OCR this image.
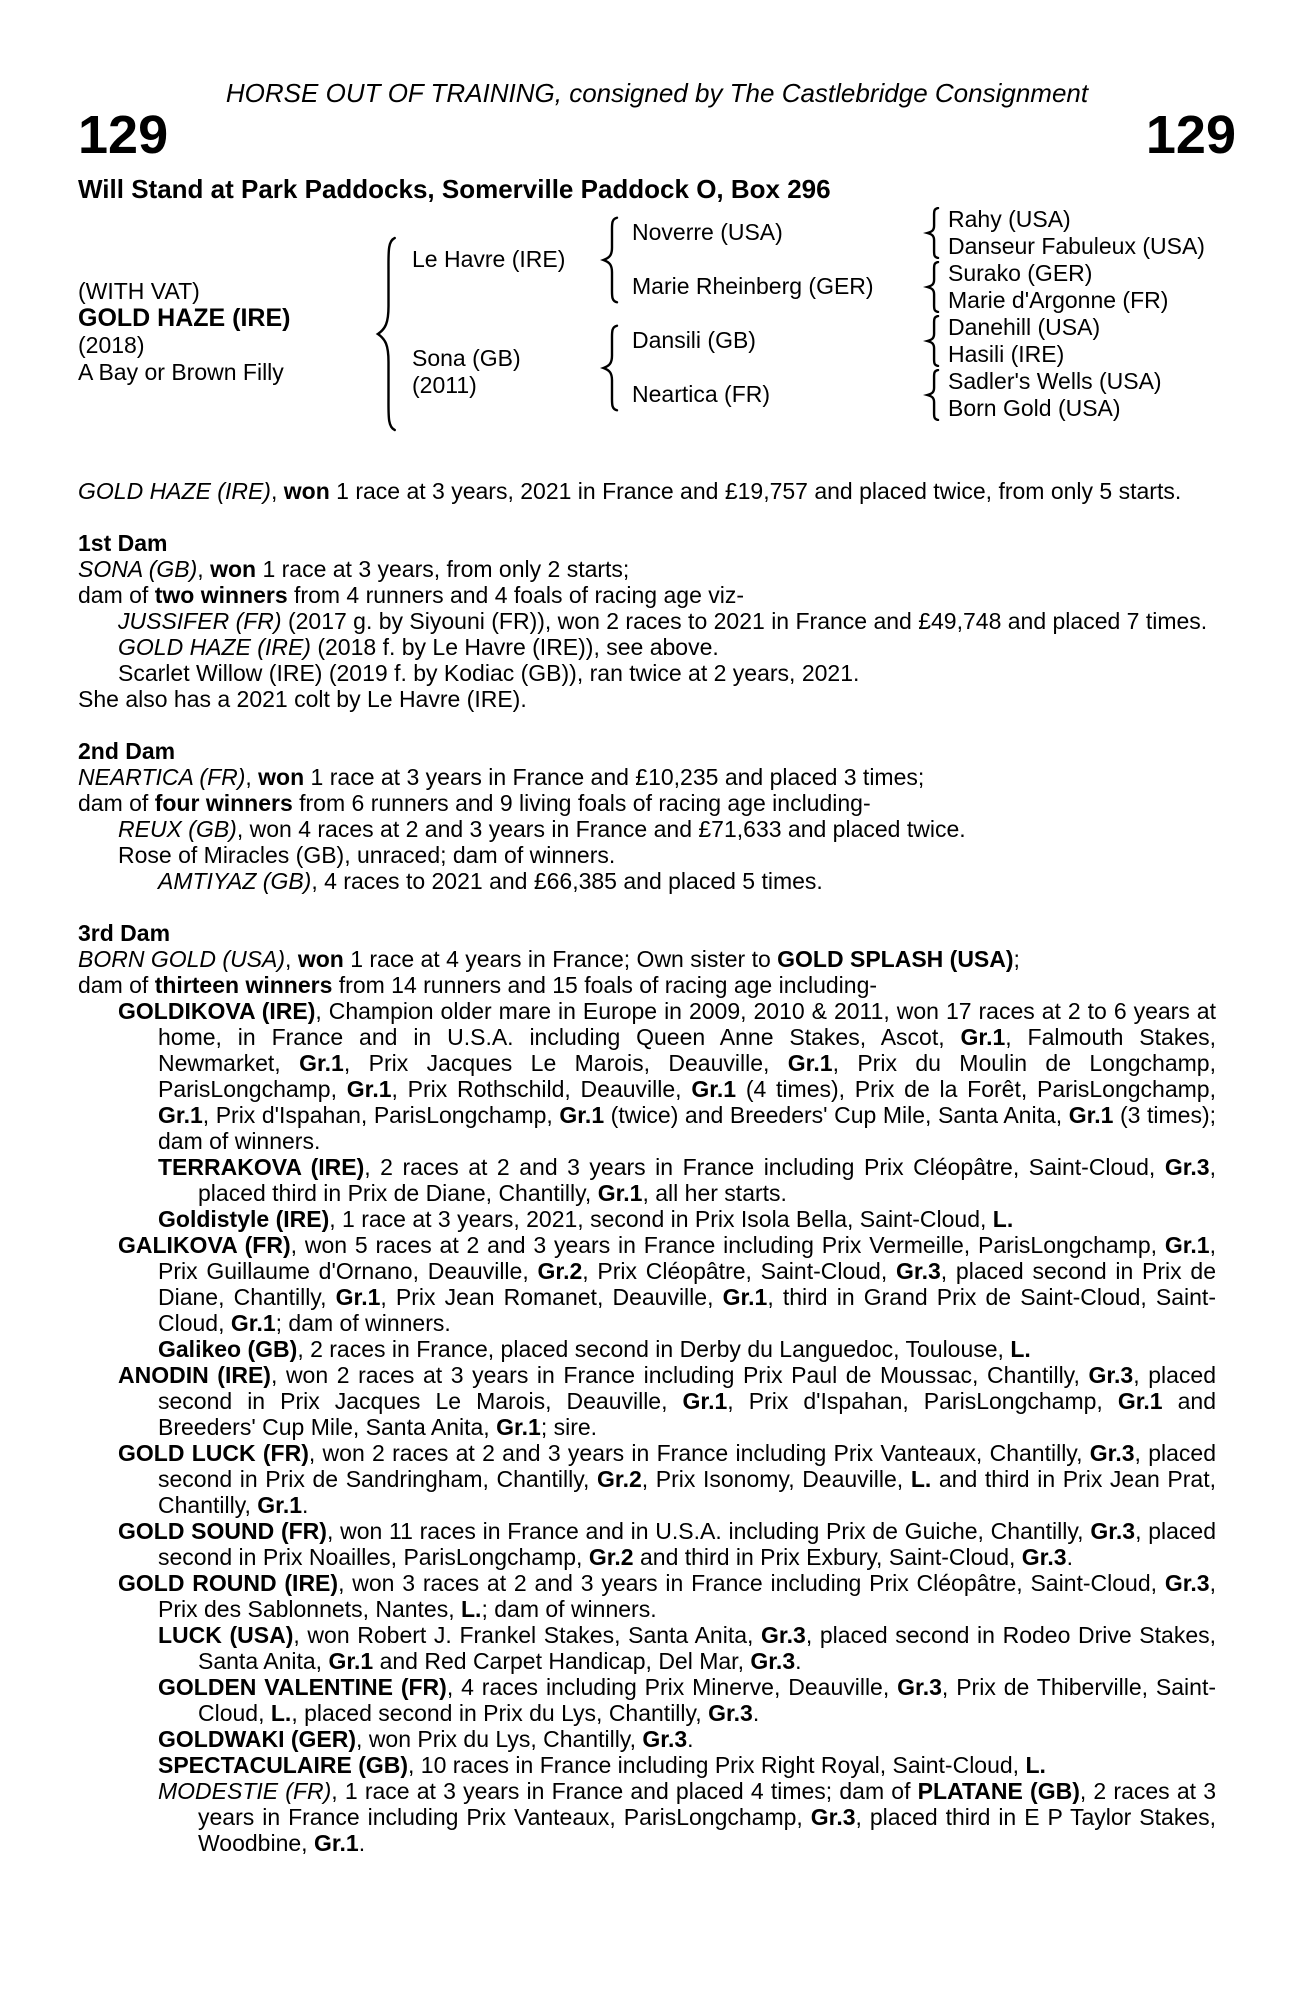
HORSE OUT OF TRAINING, consigned by The Castlebridge Consignment
129	129
Will Stand at Park Paddocks, Somerville Paddock O, Box 296
(WITH VAT)
GOLD HAZE (IRE)
(2018)
A Bay or Brown Filly
Le Havre (IRE)
Sona (GB)
(2011)
Noverre (USA)
Marie Rheinberg (GER)
Dansili (GB)
Neartica (FR)
Rahy (USA)
Danseur Fabuleux (USA)
Surako (GER)
Marie d'Argonne (FR)
Danehill (USA)
Hasili (IRE)
Sadler's Wells (USA)
Born Gold (USA)
GOLD HAZE (IRE), won 1 race at 3 years, 2021 in France and £19,757 and placed twice, from only 5 starts.
1st Dam
SONA (GB), won 1 race at 3 years, from only 2 starts;
dam of two winners from 4 runners and 4 foals of racing age viz-
JUSSIFER (FR) (2017 g. by Siyouni (FR)), won 2 races to 2021 in France and £49,748 and placed 7 times.
GOLD HAZE (IRE) (2018 f. by Le Havre (IRE)), see above.
Scarlet Willow (IRE) (2019 f. by Kodiac (GB)), ran twice at 2 years, 2021.
She also has a 2021 colt by Le Havre (IRE).
2nd Dam
NEARTICA (FR), won 1 race at 3 years in France and £10,235 and placed 3 times;
dam of four winners from 6 runners and 9 living foals of racing age including-
REUX (GB), won 4 races at 2 and 3 years in France and £71,633 and placed twice.
Rose of Miracles (GB), unraced; dam of winners.
AMTIYAZ (GB), 4 races to 2021 and £66,385 and placed 5 times.
3rd Dam
BORN GOLD (USA), won 1 race at 4 years in France; Own sister to GOLD SPLASH (USA);
dam of thirteen winners from 14 runners and 15 foals of racing age including-
GOLDIKOVA (IRE), Champion older mare in Europe in 2009, 2010 & 2011, won 17 races at 2 to 6 years at home, in France and in U.S.A. including Queen Anne Stakes, Ascot, Gr.1, Falmouth Stakes, Newmarket, Gr.1, Prix Jacques Le Marois, Deauville, Gr.1, Prix du Moulin de Longchamp, ParisLongchamp, Gr.1, Prix Rothschild, Deauville, Gr.1 (4 times), Prix de la Forêt, ParisLongchamp, Gr.1, Prix d'Ispahan, ParisLongchamp, Gr.1 (twice) and Breeders' Cup Mile, Santa Anita, Gr.1 (3 times); dam of winners.
TERRAKOVA (IRE), 2 races at 2 and 3 years in France including Prix Cléopâtre, Saint-Cloud, Gr.3, placed third in Prix de Diane, Chantilly, Gr.1, all her starts.
Goldistyle (IRE), 1 race at 3 years, 2021, second in Prix Isola Bella, Saint-Cloud, L.
GALIKOVA (FR), won 5 races at 2 and 3 years in France including Prix Vermeille, ParisLongchamp, Gr.1, Prix Guillaume d'Ornano, Deauville, Gr.2, Prix Cléopâtre, Saint-Cloud, Gr.3, placed second in Prix de Diane, Chantilly, Gr.1, Prix Jean Romanet, Deauville, Gr.1, third in Grand Prix de Saint-Cloud, Saint-Cloud, Gr.1; dam of winners.
Galikeo (GB), 2 races in France, placed second in Derby du Languedoc, Toulouse, L.
ANODIN (IRE), won 2 races at 3 years in France including Prix Paul de Moussac, Chantilly, Gr.3, placed second in Prix Jacques Le Marois, Deauville, Gr.1, Prix d'Ispahan, ParisLongchamp, Gr.1 and Breeders' Cup Mile, Santa Anita, Gr.1; sire.
GOLD LUCK (FR), won 2 races at 2 and 3 years in France including Prix Vanteaux, Chantilly, Gr.3, placed second in Prix de Sandringham, Chantilly, Gr.2, Prix Isonomy, Deauville, L. and third in Prix Jean Prat, Chantilly, Gr.1.
GOLD SOUND (FR), won 11 races in France and in U.S.A. including Prix de Guiche, Chantilly, Gr.3, placed second in Prix Noailles, ParisLongchamp, Gr.2 and third in Prix Exbury, Saint-Cloud, Gr.3.
GOLD ROUND (IRE), won 3 races at 2 and 3 years in France including Prix Cléopâtre, Saint-Cloud, Gr.3, Prix des Sablonnets, Nantes, L.; dam of winners.
LUCK (USA), won Robert J. Frankel Stakes, Santa Anita, Gr.3, placed second in Rodeo Drive Stakes, Santa Anita, Gr.1 and Red Carpet Handicap, Del Mar, Gr.3.
GOLDEN VALENTINE (FR), 4 races including Prix Minerve, Deauville, Gr.3, Prix de Thiberville, Saint-Cloud, L., placed second in Prix du Lys, Chantilly, Gr.3.
GOLDWAKI (GER), won Prix du Lys, Chantilly, Gr.3.
SPECTACULAIRE (GB), 10 races in France including Prix Right Royal, Saint-Cloud, L.
MODESTIE (FR), 1 race at 3 years in France and placed 4 times; dam of PLATANE (GB), 2 races at 3 years in France including Prix Vanteaux, ParisLongchamp, Gr.3, placed third in E P Taylor Stakes, Woodbine, Gr.1.
